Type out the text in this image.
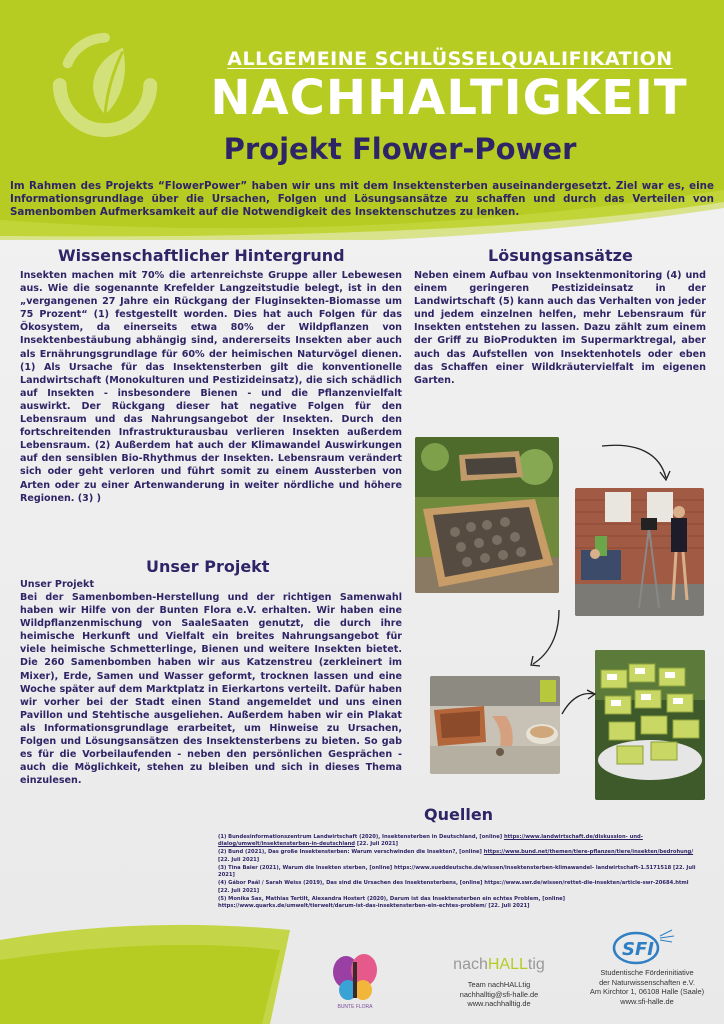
ALLGEMEINE SCHLÜSSELQUALIFIKATION
NACHHALTIGKEIT
Projekt Flower-Power
Im Rahmen des Projekts “FlowerPower” haben wir uns mit dem Insektensterben auseinandergesetzt. Ziel war es, eine Informationsgrundlage über die Ursachen, Folgen und Lösungsansätze zu schaffen und durch das Verteilen von Samenbomben Aufmerksamkeit auf die Notwendigkeit des Insektenschutzes zu lenken.
Wissenschaftlicher Hintergrund
Insekten machen mit 70% die artenreichste Gruppe aller Lebewesen aus. Wie die sogenannte Krefelder Langzeitstudie belegt, ist in den „vergangenen 27 Jahre ein Rückgang der Fluginsekten-Biomasse um 75 Prozent“ (1) festgestellt worden. Dies hat auch Folgen für das Ökosystem, da einerseits etwa 80% der Wildpflanzen von Insektenbestäubung abhängig sind, andererseits Insekten aber auch als Ernährungsgrundlage für 60% der heimischen Naturvögel dienen. (1) Als Ursache für das Insektensterben gilt die konventionelle Landwirtschaft (Monokulturen und Pestizideinsatz), die sich schädlich auf Insekten - insbesondere Bienen - und die Pflanzenvielfalt auswirkt. Der Rückgang dieser hat negative Folgen für den Lebensraum und das Nahrungsangebot der Insekten. Durch den fortschreitenden Infrastrukturausbau verlieren Insekten außerdem Lebensraum. (2) Außerdem hat auch der Klimawandel Auswirkungen auf den sensiblen Bio-Rhythmus der Insekten. Lebensraum verändert sich oder geht verloren und führt somit zu einem Aussterben von Arten oder zu einer Artenwanderung in weiter nördliche und höhere Regionen. (3) )
Unser Projekt
Unser Projekt
Bei der Samenbomben-Herstellung und der richtigen Samenwahl haben wir Hilfe von der Bunten Flora e.V. erhalten. Wir haben eine Wildpflanzenmischung von SaaleSaaten genutzt, die durch ihre heimische Herkunft und Vielfalt ein breites Nahrungsangebot für viele heimische Schmetterlinge, Bienen und weitere Insekten bietet. Die 260 Samenbomben haben wir aus Katzenstreu (zerkleinert im Mixer), Erde, Samen und Wasser geformt, trocknen lassen und eine Woche später auf dem Marktplatz in Eierkartons verteilt. Dafür haben wir vorher bei der Stadt einen Stand angemeldet und uns einen Pavillon und Stehtische ausgeliehen. Außerdem haben wir ein Plakat als Informationsgrundlage erarbeitet, um Hinweise zu Ursachen, Folgen und Lösungsansätzen des Insektensterbens zu bieten. So gab es für die Vorbeilaufenden - neben den persönlichen Gesprächen - auch die Möglichkeit, stehen zu bleiben und sich in dieses Thema einzulesen.
Lösungsansätze
Neben einem Aufbau von Insektenmonitoring (4) und einem geringeren Pestizideinsatz in der Landwirtschaft (5) kann auch das Verhalten von jeder und jedem einzelnen helfen, mehr Lebensraum für Insekten entstehen zu lassen. Dazu zählt zum einem der Griff zu BioProdukten im Supermarktregal, aber auch das Aufstellen von Insektenhotels oder eben das Schaffen einer Wildkräutervielfalt im eigenen Garten.
Quellen

(1) Bundesinformationszentrum Landwirtschaft (2020), Insektensterben in Deutschland, [online] https://www.landwirtschaft.de/diskussion- und-dialog/umwelt/insektensterben-in-deutschland [22. Juli 2021]

(2) Bund (2021), Das große Insektensterben: Warum verschwinden die Insekten?, [online] https://www.bund.net/themen/tiere-pflanzen/tiere/insekten/bedrohung/ [22. Juli 2021]

(3) Tina Baier (2021), Warum die Insekten sterben, [online] https://www.sueddeutsche.de/wissen/insektensterben-klimawandel- landwirtschaft-1.5171518 [22. Juli 2021]

(4) Gábor Paál / Sarah Weiss (2019), Das sind die Ursachen des Insektensterbens, [online] https://www.swr.de/wissen/rettet-die-insekten/article-swr-20684.html [22. Juli 2021]

(5) Monika Sax, Mathias Tertilt, Alexandra Hostert (2020), Darum ist das Insektensterben ein echtes Problem, [online] https://www.quarks.de/umwelt/tierwelt/darum-ist-das-insektensterben-ein-echtes-problem/ [22. Juli 2021]

BUNTE FLORA
nachHALLtig
Team nachHALLtig
nachhalltig@sfi-halle.de
www.nachhalltig.de
SFI
Studentische Förderinitiative
der Naturwissenschaften e.V.
Am Kirchtor 1, 06108 Halle (Saale)
www.sfi-halle.de
